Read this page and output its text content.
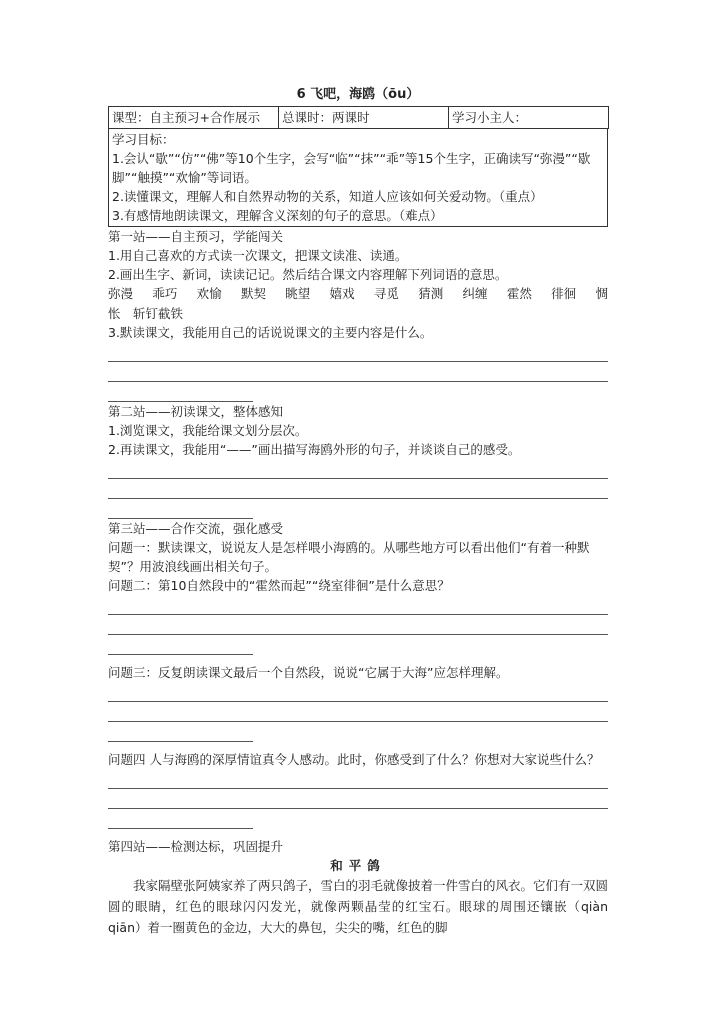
6 飞吧，海鸥（ōu）
课型：自主预习+合作展示	总课时：两课时	学习小主人：
学习目标：
1.会认“歇”“仿”“佛”等10个生字，会写“临”“抹”“乖”等15个生字，正确读写“弥漫”“歇脚”“触摸”“欢愉”等词语。
2.读懂课文，理解人和自然界动物的关系，知道人应该如何关爱动物。（重点）
3.有感情地朗读课文，理解含义深刻的句子的意思。（难点）
第一站——自主预习，学能闯关
1.用自己喜欢的方式读一次课文，把课文读准、读通。
2.画出生字、新词，读读记记。然后结合课文内容理解下列词语的意思。
弥漫 乖巧 欢愉 默契 眺望 嬉戏 寻觅 猜测 纠缠 霍然 徘徊 惆
怅　斩钉截铁
3.默读课文，我能用自己的话说说课文的主要内容是什么。
第二站——初读课文，整体感知
1.浏览课文，我能给课文划分层次。
2.再读课文，我能用“——”画出描写海鸥外形的句子，并谈谈自己的感受。
第三站——合作交流，强化感受
问题一：默读课文，说说友人是怎样喂小海鸥的。从哪些地方可以看出他们“有着一种默契”？用波浪线画出相关句子。
问题二：第10自然段中的“霍然而起”“绕室徘徊”是什么意思？
问题三：反复朗读课文最后一个自然段，说说“它属于大海”应怎样理解。
问题四 人与海鸥的深厚情谊真令人感动。此时，你感受到了什么？你想对大家说些什么？
第四站——检测达标，巩固提升
和平鸽

我家隔壁张阿姨家养了两只鸽子，雪白的羽毛就像披着一件雪白的风衣。它们有一双圆圆的眼睛，红色的眼球闪闪发光，就像两颗晶莹的红宝石。眼球的周围还镶嵌（qiàn　qiān）着一圈黄色的金边，大大的鼻包，尖尖的嘴，红色的脚
